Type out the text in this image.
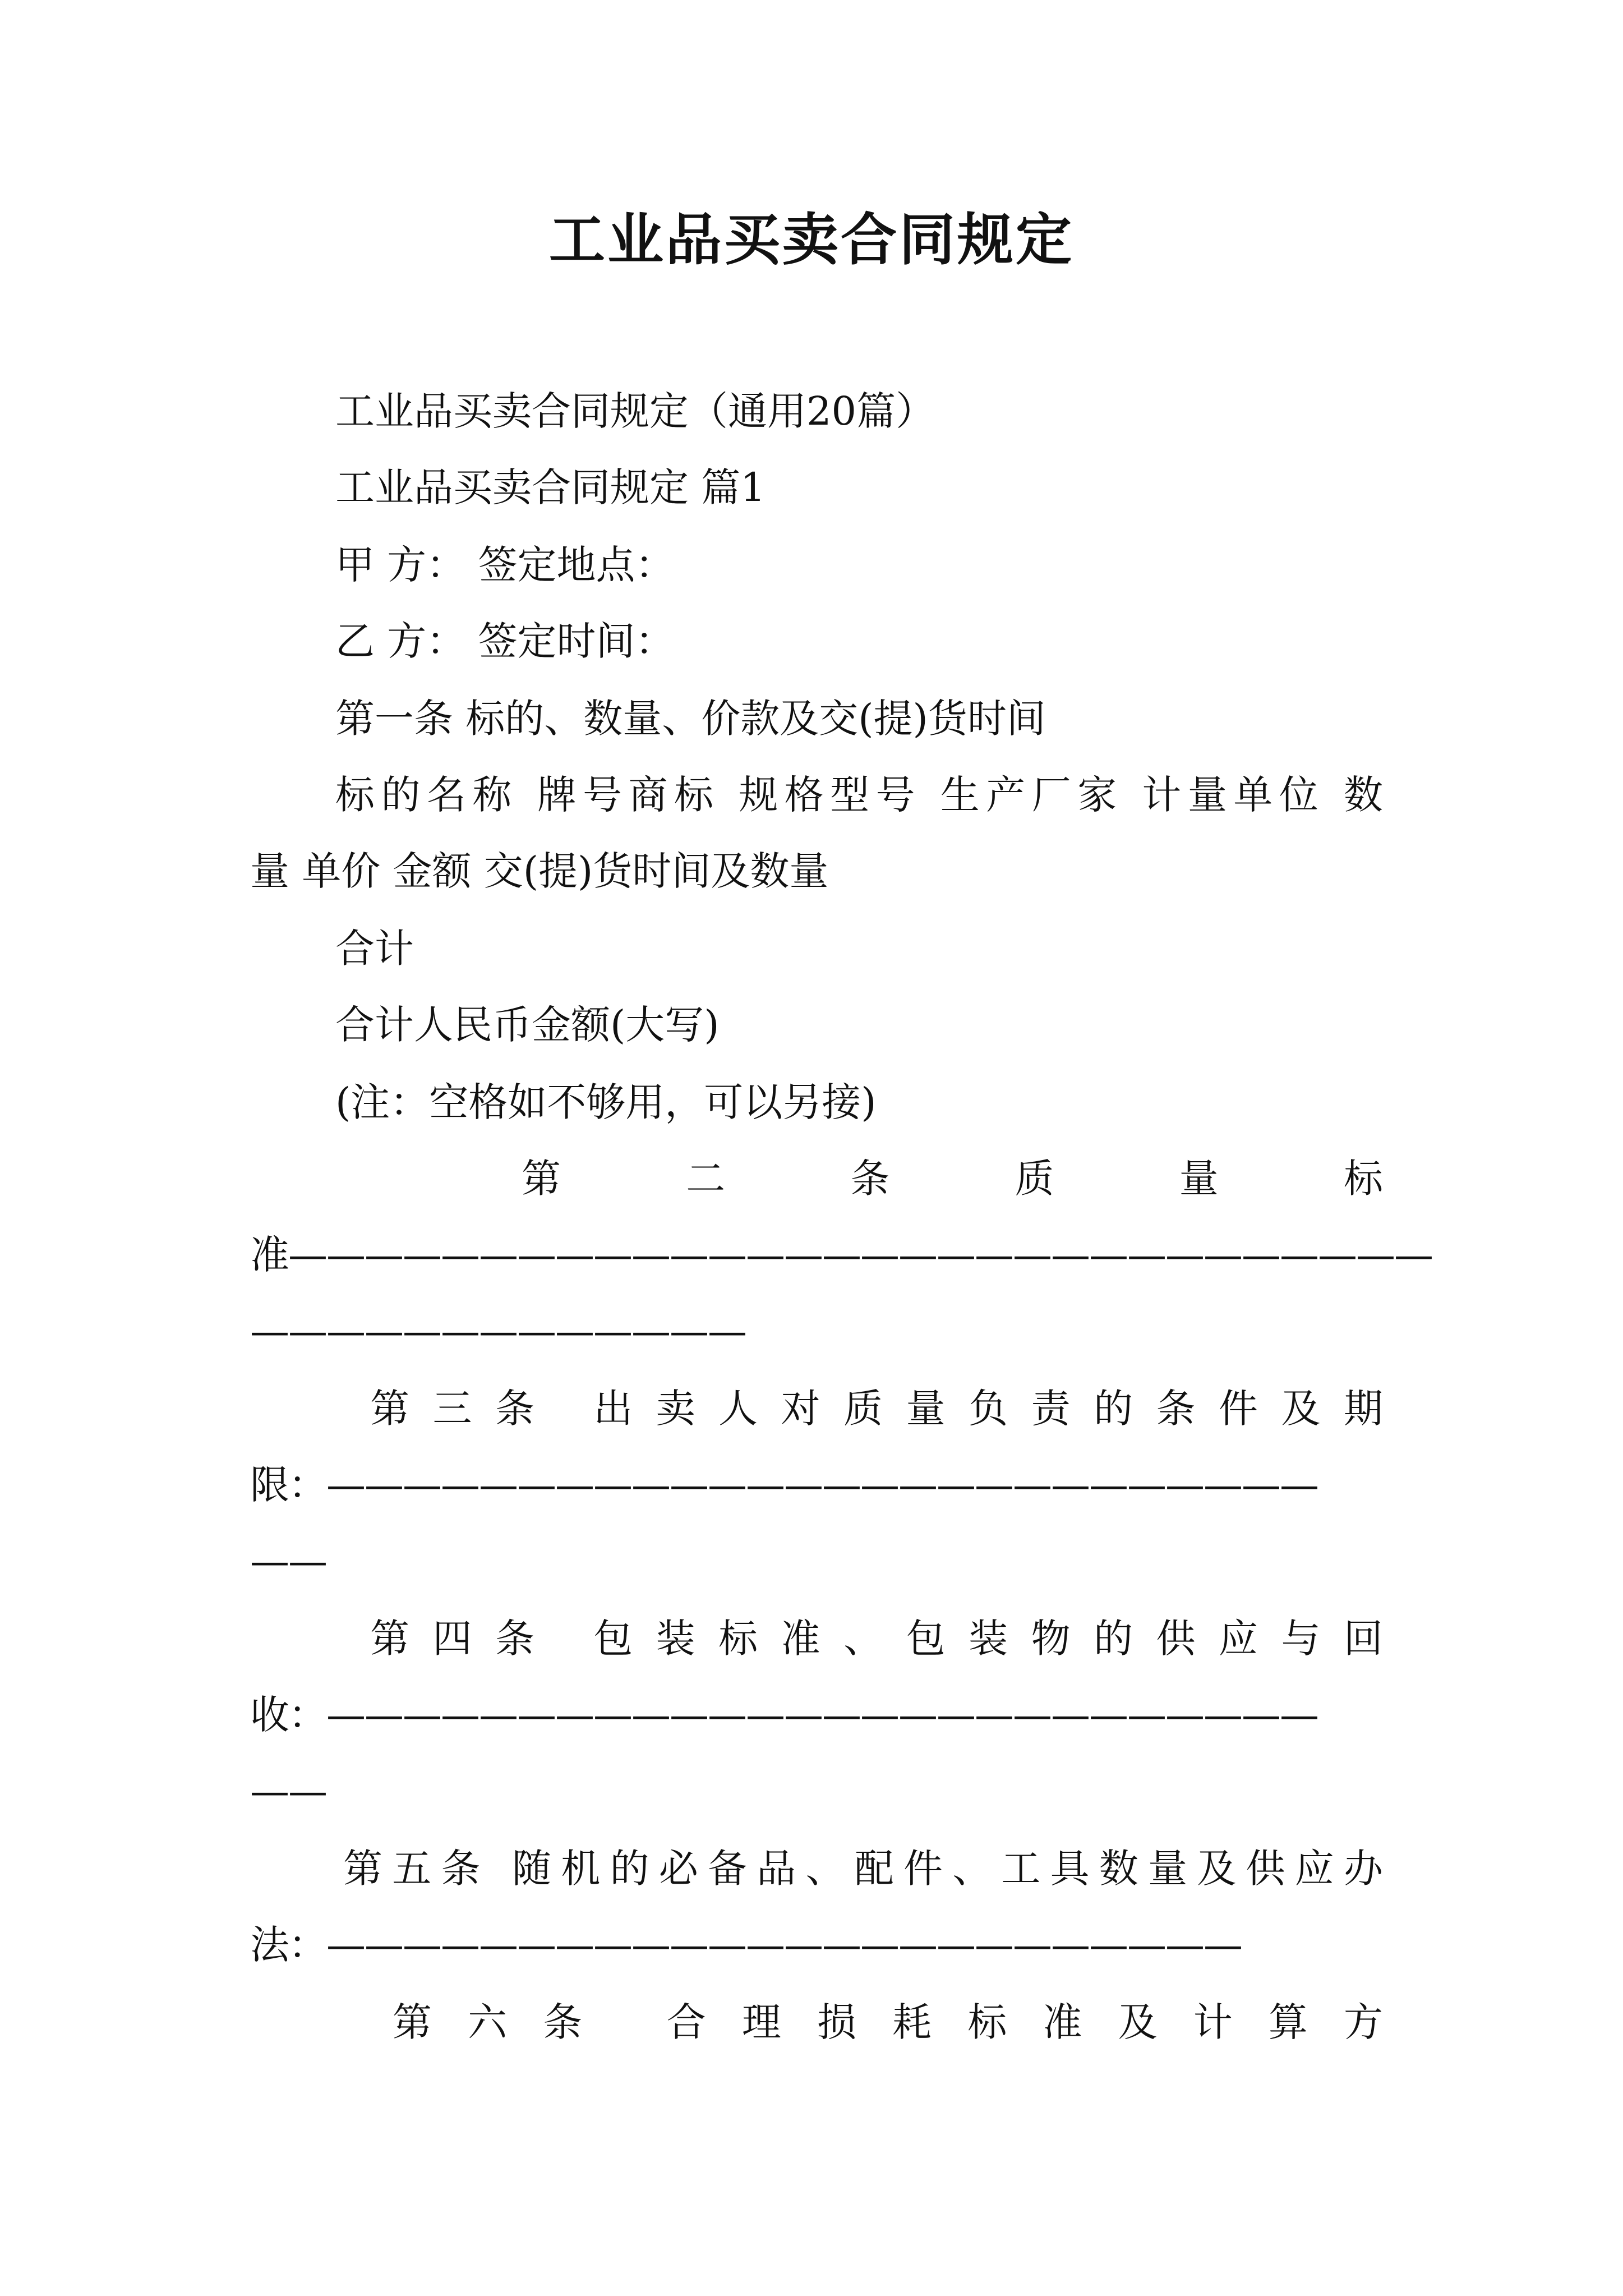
工业品买卖合同规定
工业品买卖合同规定（通用20篇）
工业品买卖合同规定 篇1
甲 方： 签定地点：
乙 方： 签定时间：
第一条 标的、数量、价款及交(提)货时间
标的名称 牌号商标 规格型号 生产厂家 计量单位 数
量 单价 金额 交(提)货时间及数量
合计
合计人民币金额(大写)
(注：空格如不够用，可以另接)
第 二 条 质 量 标
准——————————————————————————————
—————————————
第三条 出卖人对质量负责的条件及期
限：——————————————————————————
——
第四条 包装标准、包装物的供应与回
收：——————————————————————————
——
第五条 随机的必备品、配件、工具数量及供应办
法：————————————————————————
第六条 合理损耗标准及计算方
